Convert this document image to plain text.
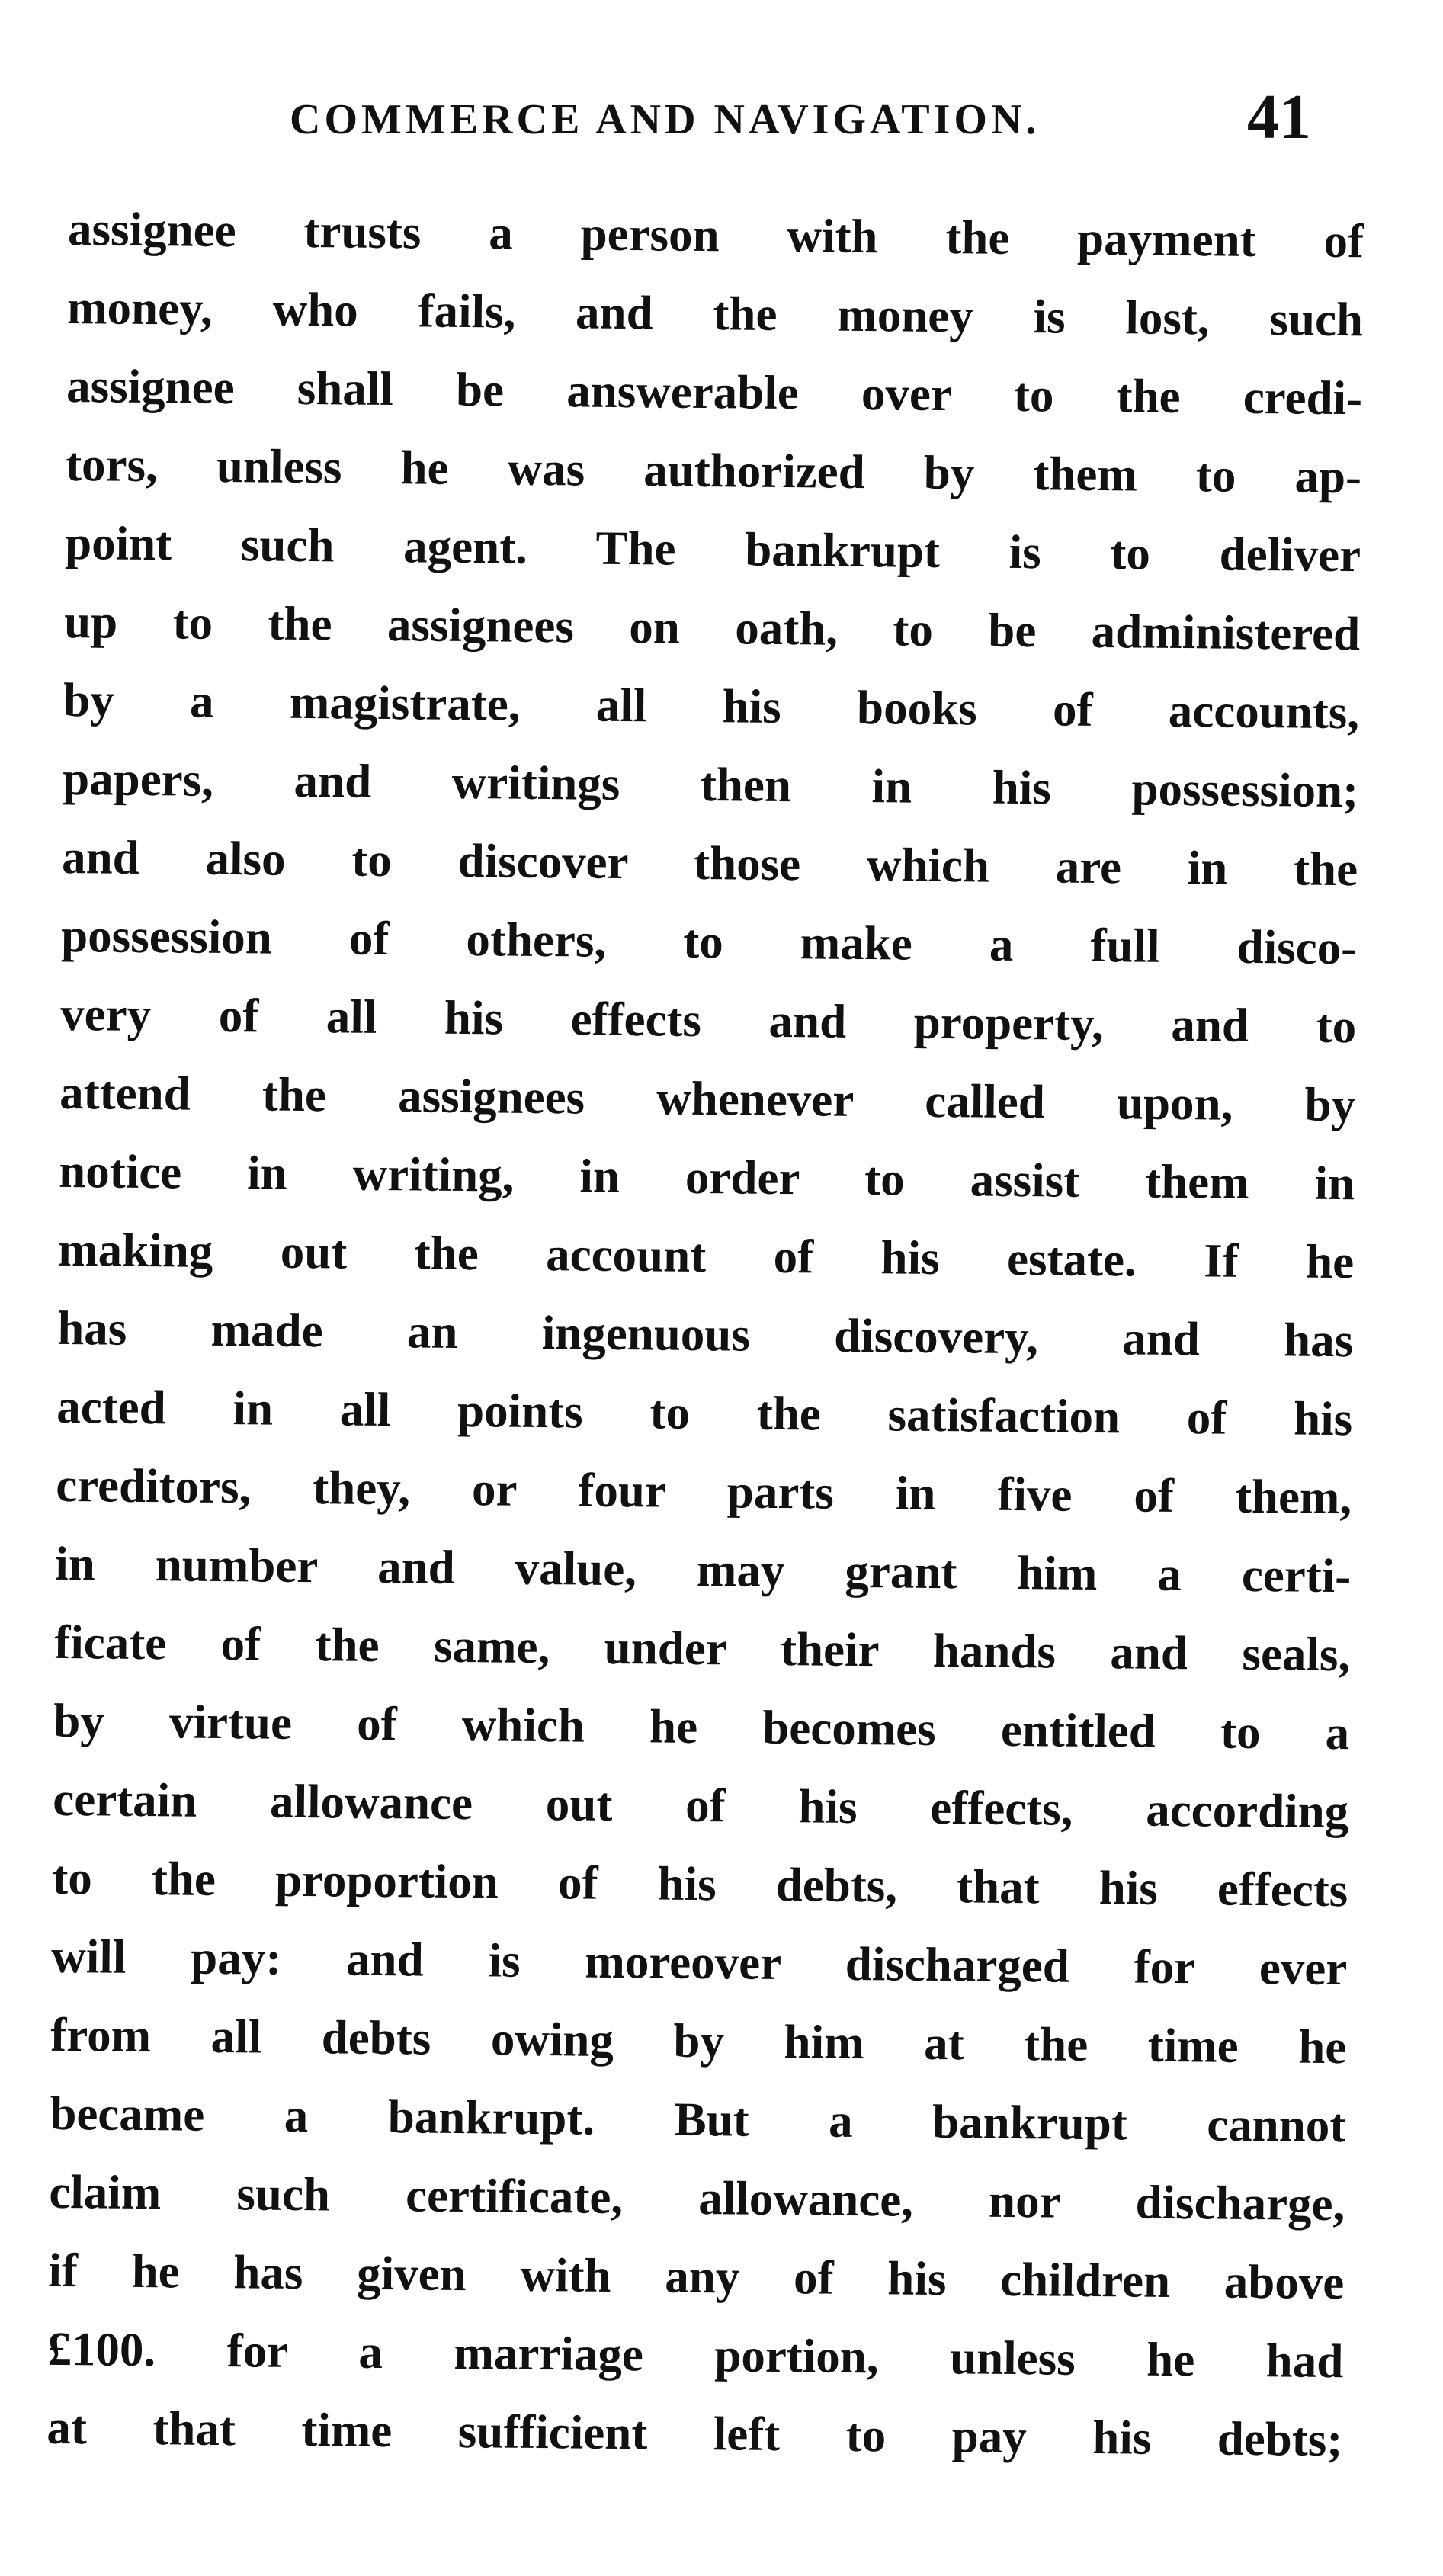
COMMERCE AND NAVIGATION.	41
assignee trusts a person with the payment of
money, who fails, and the money is lost, such
assignee shall be answerable over to the credi-
tors, unless he was authorized by them to ap-
point such agent. The bankrupt is to deliver
up to the assignees on oath, to be administered
by a magistrate, all his books of accounts,
papers, and writings then in his possession;
and also to discover those which are in the
possession of others, to make a full disco-
very of all his effects and property, and to
attend the assignees whenever called upon, by
notice in writing, in order to assist them in
making out the account of his estate. If he
has made an ingenuous discovery, and has
acted in all points to the satisfaction of his
creditors, they, or four parts in five of them,
in number and value, may grant him a certi-
ficate of the same, under their hands and seals,
by virtue of which he becomes entitled to a
certain allowance out of his effects, according
to the proportion of his debts, that his effects
will pay: and is moreover discharged for ever
from all debts owing by him at the time he
became a bankrupt. But a bankrupt cannot
claim such certificate, allowance, nor discharge,
if he has given with any of his children above
£100. for a marriage portion, unless he had
at that time sufficient left to pay his debts;
